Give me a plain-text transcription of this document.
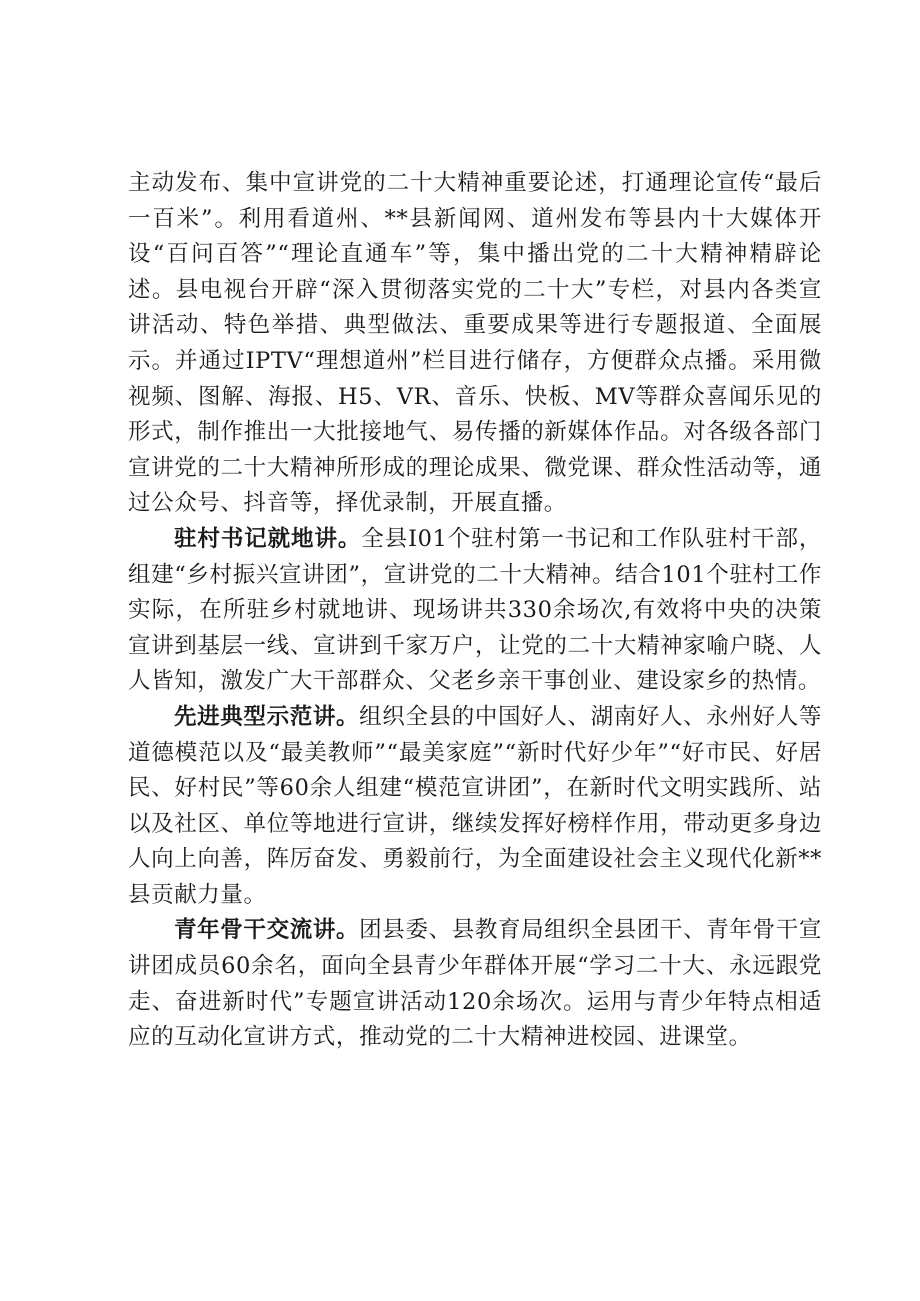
主动发布、集中宣讲党的二十大精神重要论述，打通理论宣传“最后一百米”。利用看道州、**县新闻网、道州发布等县内十大媒体开设“百问百答”“理论直通车”等，集中播出党的二十大精神精辟论述。县电视台开辟“深入贯彻落实党的二十大”专栏，对县内各类宣讲活动、特色举措、典型做法、重要成果等进行专题报道、全面展示。并通过IPTV“理想道州”栏目进行储存，方便群众点播。采用微视频、图解、海报、H5、VR、音乐、快板、MV等群众喜闻乐见的形式，制作推出一大批接地气、易传播的新媒体作品。对各级各部门宣讲党的二十大精神所形成的理论成果、微党课、群众性活动等，通过公众号、抖音等，择优录制，开展直播。

驻村书记就地讲。全县I01个驻村第一书记和工作队驻村干部，组建“乡村振兴宣讲团”，宣讲党的二十大精神。结合101个驻村工作实际，在所驻乡村就地讲、现场讲共330余场次,有效将中央的决策宣讲到基层一线、宣讲到千家万户，让党的二十大精神家喻户晓、人人皆知，激发广大干部群众、父老乡亲干事创业、建设家乡的热情。

先进典型示范讲。组织全县的中国好人、湖南好人、永州好人等道德模范以及“最美教师”“最美家庭”“新时代好少年”“好市民、好居民、好村民”等60余人组建“模范宣讲团”，在新时代文明实践所、站以及社区、单位等地进行宣讲，继续发挥好榜样作用，带动更多身边人向上向善，阵厉奋发、勇毅前行，为全面建设社会主义现代化新**县贡献力量。

青年骨干交流讲。团县委、县教育局组织全县团干、青年骨干宣讲团成员60余名，面向全县青少年群体开展“学习二十大、永远跟党走、奋进新时代”专题宣讲活动120余场次。运用与青少年特点相适应的互动化宣讲方式，推动党的二十大精神进校园、进课堂。
